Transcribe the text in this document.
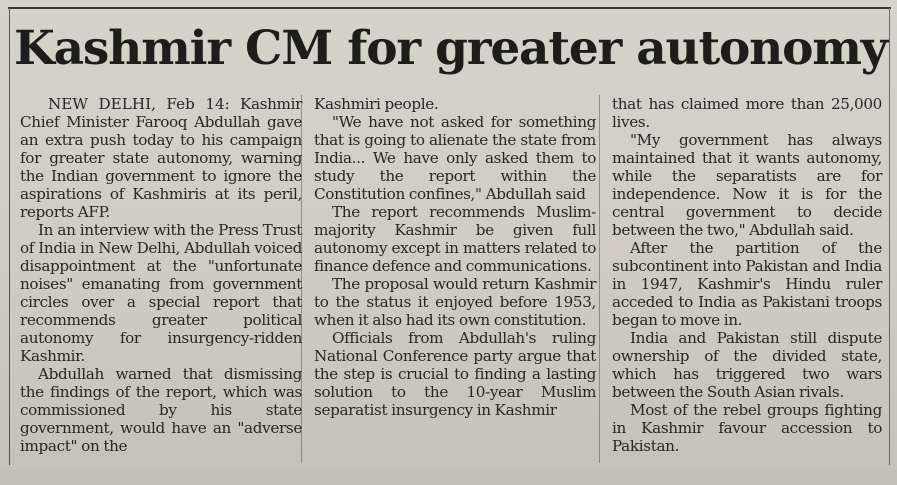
Kashmir CM for greater autonomy

NEW DELHI, Feb 14: Kashmir Chief Minister Farooq Abdullah gave an extra push today to his campaign for greater state autonomy, warning the Indian government to ignore the aspirations of Kashmiris at its peril, reports AFP.

In an interview with the Press Trust of India in New Delhi, Abdullah voiced disappointment at the "unfortunate noises" emanating from government circles over a special report that recommends greater political autonomy for insurgency-ridden Kashmir.

Abdullah warned that dismissing the findings of the report, which was commissioned by his state government, would have an "adverse impact" on the

Kashmiri people.

"We have not asked for something that is going to alienate the state from India... We have only asked them to study the report within the Constitution confines," Abdullah said

The report recommends Muslim-majority Kashmir be given full autonomy except in matters related to finance defence and communications.

The proposal would return Kashmir to the status it enjoyed before 1953, when it also had its own constitution.

Officials from Abdullah's ruling National Conference party argue that the step is crucial to finding a lasting solution to the 10-year Muslim separatist insurgency in Kashmir

that has claimed more than 25,000 lives.

"My government has always maintained that it wants autonomy, while the separatists are for independence. Now it is for the central government to decide between the two," Abdullah said.

After the partition of the subcontinent into Pakistan and India in 1947, Kashmir's Hindu ruler acceded to India as Pakistani troops began to move in.

India and Pakistan still dispute ownership of the divided state, which has triggered two wars between the South Asian rivals.

Most of the rebel groups fighting in Kashmir favour accession to Pakistan.
